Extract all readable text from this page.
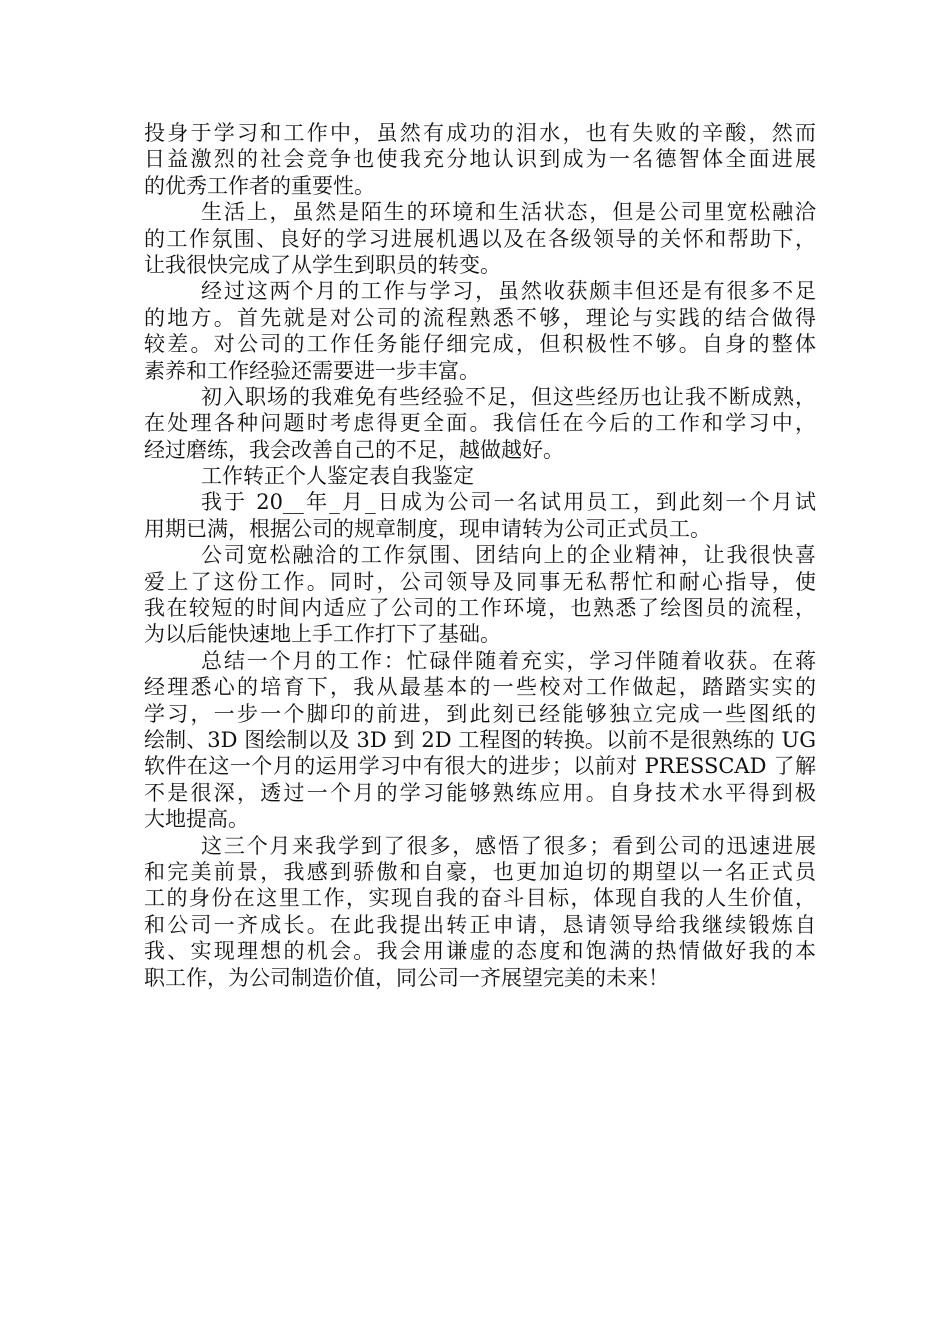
投身于学习和工作中，虽然有成功的泪水，也有失败的辛酸，然而
日益激烈的社会竞争也使我充分地认识到成为一名德智体全面进展
的优秀工作者的重要性。
生活上，虽然是陌生的环境和生活状态，但是公司里宽松融洽
的工作氛围、良好的学习进展机遇以及在各级领导的关怀和帮助下，
让我很快完成了从学生到职员的转变。
经过这两个月的工作与学习，虽然收获颇丰但还是有很多不足
的地方。首先就是对公司的流程熟悉不够，理论与实践的结合做得
较差。对公司的工作任务能仔细完成，但积极性不够。自身的整体
素养和工作经验还需要进一步丰富。
初入职场的我难免有些经验不足，但这些经历也让我不断成熟，
在处理各种问题时考虑得更全面。我信任在今后的工作和学习中，
经过磨练，我会改善自己的不足，越做越好。
工作转正个人鉴定表自我鉴定
我于 20__年_月_日成为公司一名试用员工，到此刻一个月试
用期已满，根据公司的规章制度，现申请转为公司正式员工。
公司宽松融洽的工作氛围、团结向上的企业精神，让我很快喜
爱上了这份工作。同时，公司领导及同事无私帮忙和耐心指导，使
我在较短的时间内适应了公司的工作环境，也熟悉了绘图员的流程，
为以后能快速地上手工作打下了基础。
总结一个月的工作：忙碌伴随着充实，学习伴随着收获。在蒋
经理悉心的培育下，我从最基本的一些校对工作做起，踏踏实实的
学习，一步一个脚印的前进，到此刻已经能够独立完成一些图纸的
绘制、3D 图绘制以及 3D 到 2D 工程图的转换。以前不是很熟练的 UG
软件在这一个月的运用学习中有很大的进步；以前对 PRESSCAD 了解
不是很深，透过一个月的学习能够熟练应用。自身技术水平得到极
大地提高。
这三个月来我学到了很多，感悟了很多；看到公司的迅速进展
和完美前景，我感到骄傲和自豪，也更加迫切的期望以一名正式员
工的身份在这里工作，实现自我的奋斗目标，体现自我的人生价值，
和公司一齐成长。在此我提出转正申请，恳请领导给我继续锻炼自
我、实现理想的机会。我会用谦虚的态度和饱满的热情做好我的本
职工作，为公司制造价值，同公司一齐展望完美的未来！
